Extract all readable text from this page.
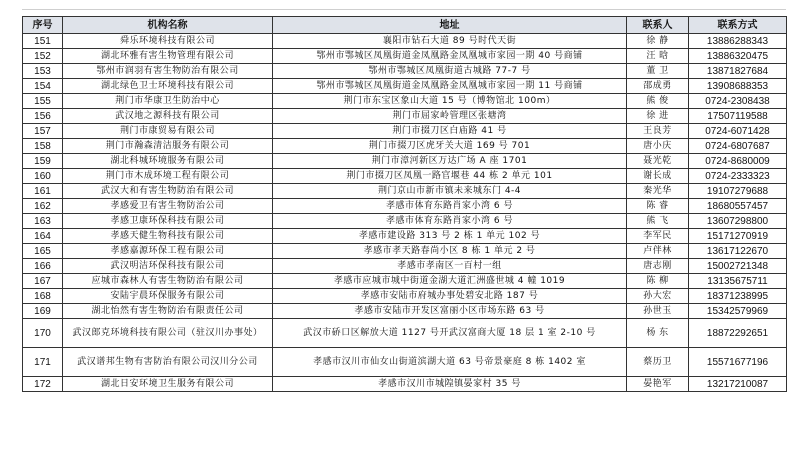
序号	机构名称	地址	联系人	联系方式
151	舜乐环境科技有限公司	襄阳市钻石大道 89 号时代天街	徐 静	13886288343
152	湖北环雅有害生物管理有限公司	鄂州市鄂城区凤凰街道金凤凰路金凤凰城市家园一期 40 号商铺	汪 晗	13886320475
153	鄂州市润羽有害生物防治有限公司	鄂州市鄂城区凤凰街道古城路 77-7 号	董 卫	13871827684
154	湖北绿色卫士环境科技有限公司	鄂州市鄂城区凤凰街道金凤凰路金凤凰城市家园一期 11 号商铺	邵成勇	13908688353
155	荆门市华康卫生防治中心	荆门市东宝区象山大道 15 号（博物馆北 100m）	熊 俊	0724-2308438
156	武汉地之源科技有限公司	荆门市屈家岭管理区张塘湾	徐 进	17507119588
157	荆门市康贸易有限公司	荆门市掇刀区白庙路 41 号	王良芳	0724-6071428
158	荆门市瀚森清洁服务有限公司	荆门市掇刀区虎牙关大道 169 号 701	唐小庆	0724-6807687
159	湖北科城环境服务有限公司	荆门市漳河新区万达广场 A 座 1701	聂光乾	0724-8680009
160	荆门市木成环境工程有限公司	荆门市掇刀区凤凰一路官堰巷 44 栋 2 单元 101	谢长成	0724-2333323
161	武汉大和有害生物防治有限公司	荆门京山市新市镇未来城东门 4-4	秦光华	19107279688
162	孝感爱卫有害生物防治公司	孝感市体育东路肖家小湾 6 号	陈 睿	18680557457
163	孝感卫康环保科技有限公司	孝感市体育东路肖家小湾 6 号	熊 飞	13607298800
164	孝感天健生物科技有限公司	孝感市建设路 313 号 2 栋 1 单元 102 号	李军民	15171270919
165	孝感嘉源环保工程有限公司	孝感市孝天路春尚小区 8 栋 1 单元 2 号	卢伴林	13617122670
166	武汉明洁环保科技有限公司	孝感市孝南区一百村一组	唐志刚	15002721348
167	应城市森林人有害生物防治有限公司	孝感市应城市城中街道金湖大道汇洲盛世城 4 幢 1019	陈 柳	13135675711
168	安陆宇晨环保服务有限公司	孝感市安陆市府城办事处碧安北路 187 号	孙大宏	18371238995
169	湖北怡然有害生物防治有限责任公司	孝感市安陆市开发区富丽小区市场东路 63 号	孙世玉	15342579969
170	武汉郎克环境科技有限公司（驻汉川办事处）	武汉市硚口区解放大道 1127 号开武汉富商大厦 18 层 1 室 2-10 号	杨 东	18872292651
171	武汉谱邦生物有害防治有限公司汉川分公司	孝感市汉川市仙女山街道滨湖大道 63 号帝景豪庭 8 栋 1402 室	蔡历卫	15571677196
172	湖北日安环境卫生服务有限公司	孝感市汉川市城隍镇晏家村 35 号	晏艳军	13217210087
